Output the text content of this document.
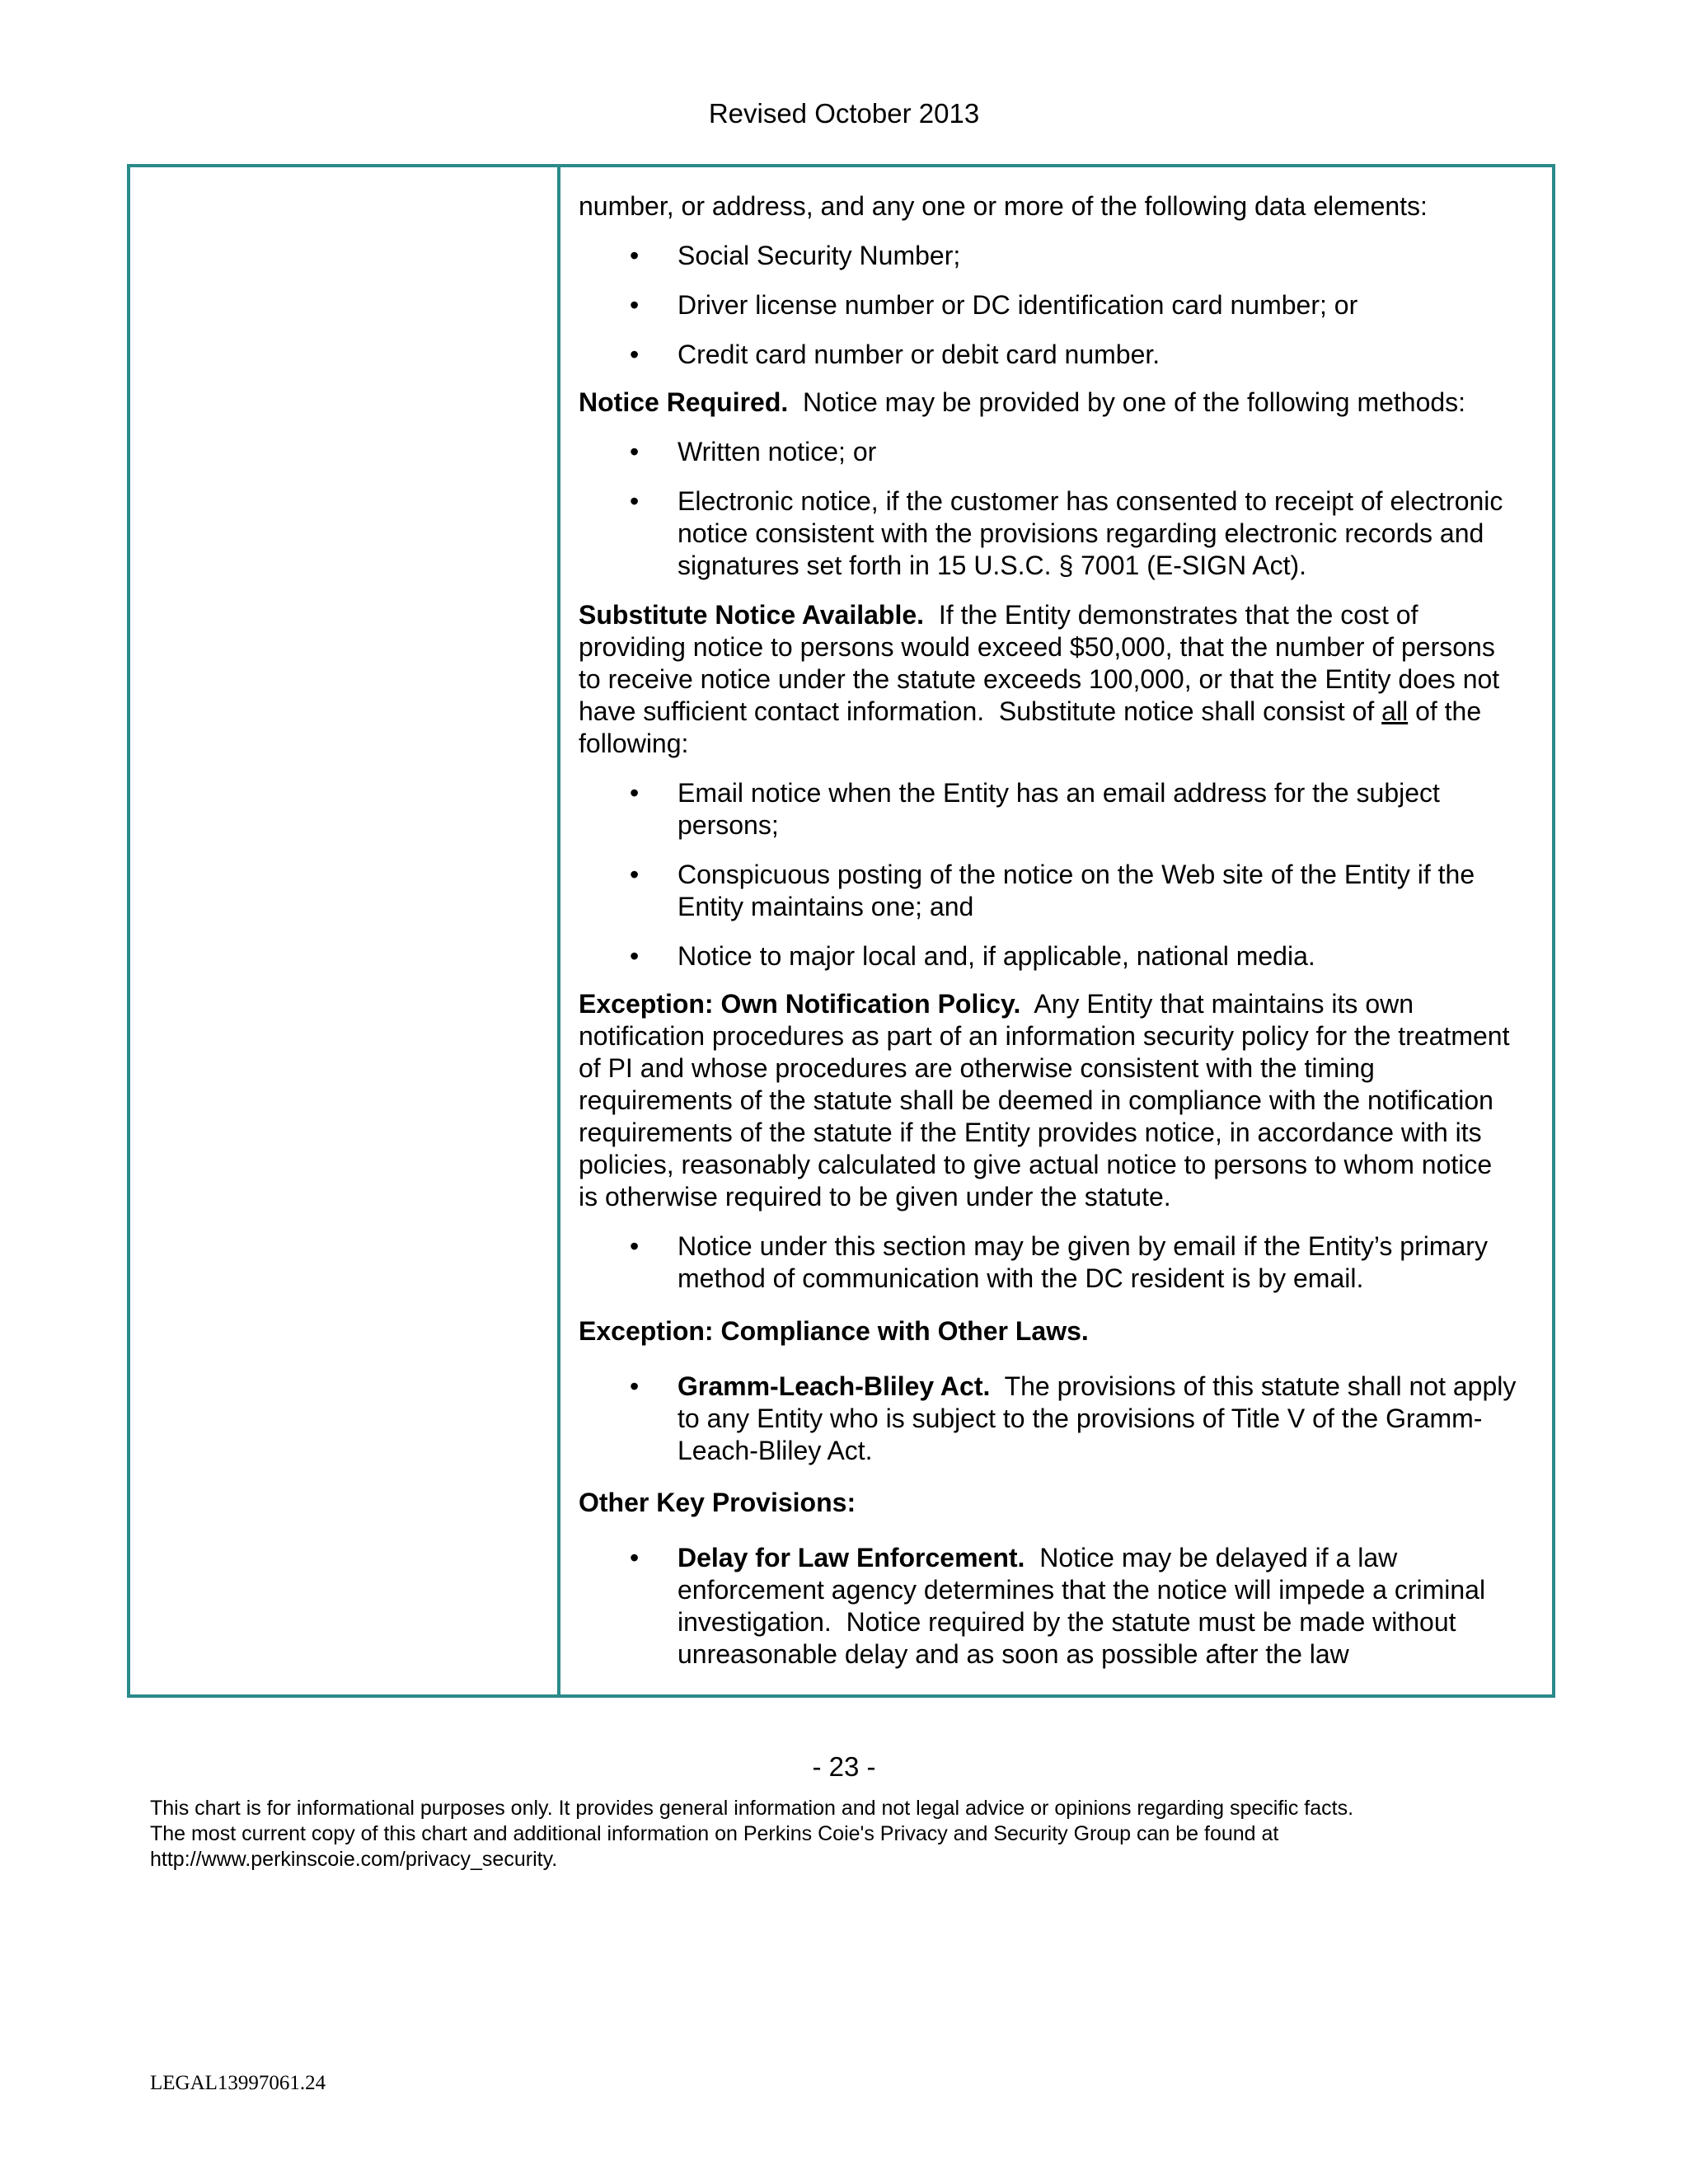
Revised October 2013

number, or address, and any one or more of the following data elements:

• Social Security Number;
• Driver license number or DC identification card number; or
• Credit card number or debit card number.

Notice Required.  Notice may be provided by one of the following methods:

• Written notice; or
• Electronic notice, if the customer has consented to receipt of electronic notice consistent with the provisions regarding electronic records and signatures set forth in 15 U.S.C. § 7001 (E-SIGN Act).

Substitute Notice Available.  If the Entity demonstrates that the cost of providing notice to persons would exceed $50,000, that the number of persons to receive notice under the statute exceeds 100,000, or that the Entity does not have sufficient contact information.  Substitute notice shall consist of all of the following:

• Email notice when the Entity has an email address for the subject persons;
• Conspicuous posting of the notice on the Web site of the Entity if the Entity maintains one; and
• Notice to major local and, if applicable, national media.

Exception: Own Notification Policy.  Any Entity that maintains its own notification procedures as part of an information security policy for the treatment of PI and whose procedures are otherwise consistent with the timing requirements of the statute shall be deemed in compliance with the notification requirements of the statute if the Entity provides notice, in accordance with its policies, reasonably calculated to give actual notice to persons to whom notice is otherwise required to be given under the statute.

• Notice under this section may be given by email if the Entity’s primary method of communication with the DC resident is by email.

Exception: Compliance with Other Laws.

• Gramm-Leach-Bliley Act.  The provisions of this statute shall not apply to any Entity who is subject to the provisions of Title V of the Gramm-Leach-Bliley Act.

Other Key Provisions:

• Delay for Law Enforcement.  Notice may be delayed if a law enforcement agency determines that the notice will impede a criminal investigation.  Notice required by the statute must be made without unreasonable delay and as soon as possible after the law
- 23 -
This chart is for informational purposes only. It provides general information and not legal advice or opinions regarding specific facts.
The most current copy of this chart and additional information on Perkins Coie's Privacy and Security Group can be found at
http://www.perkinscoie.com/privacy_security.
LEGAL13997061.24
